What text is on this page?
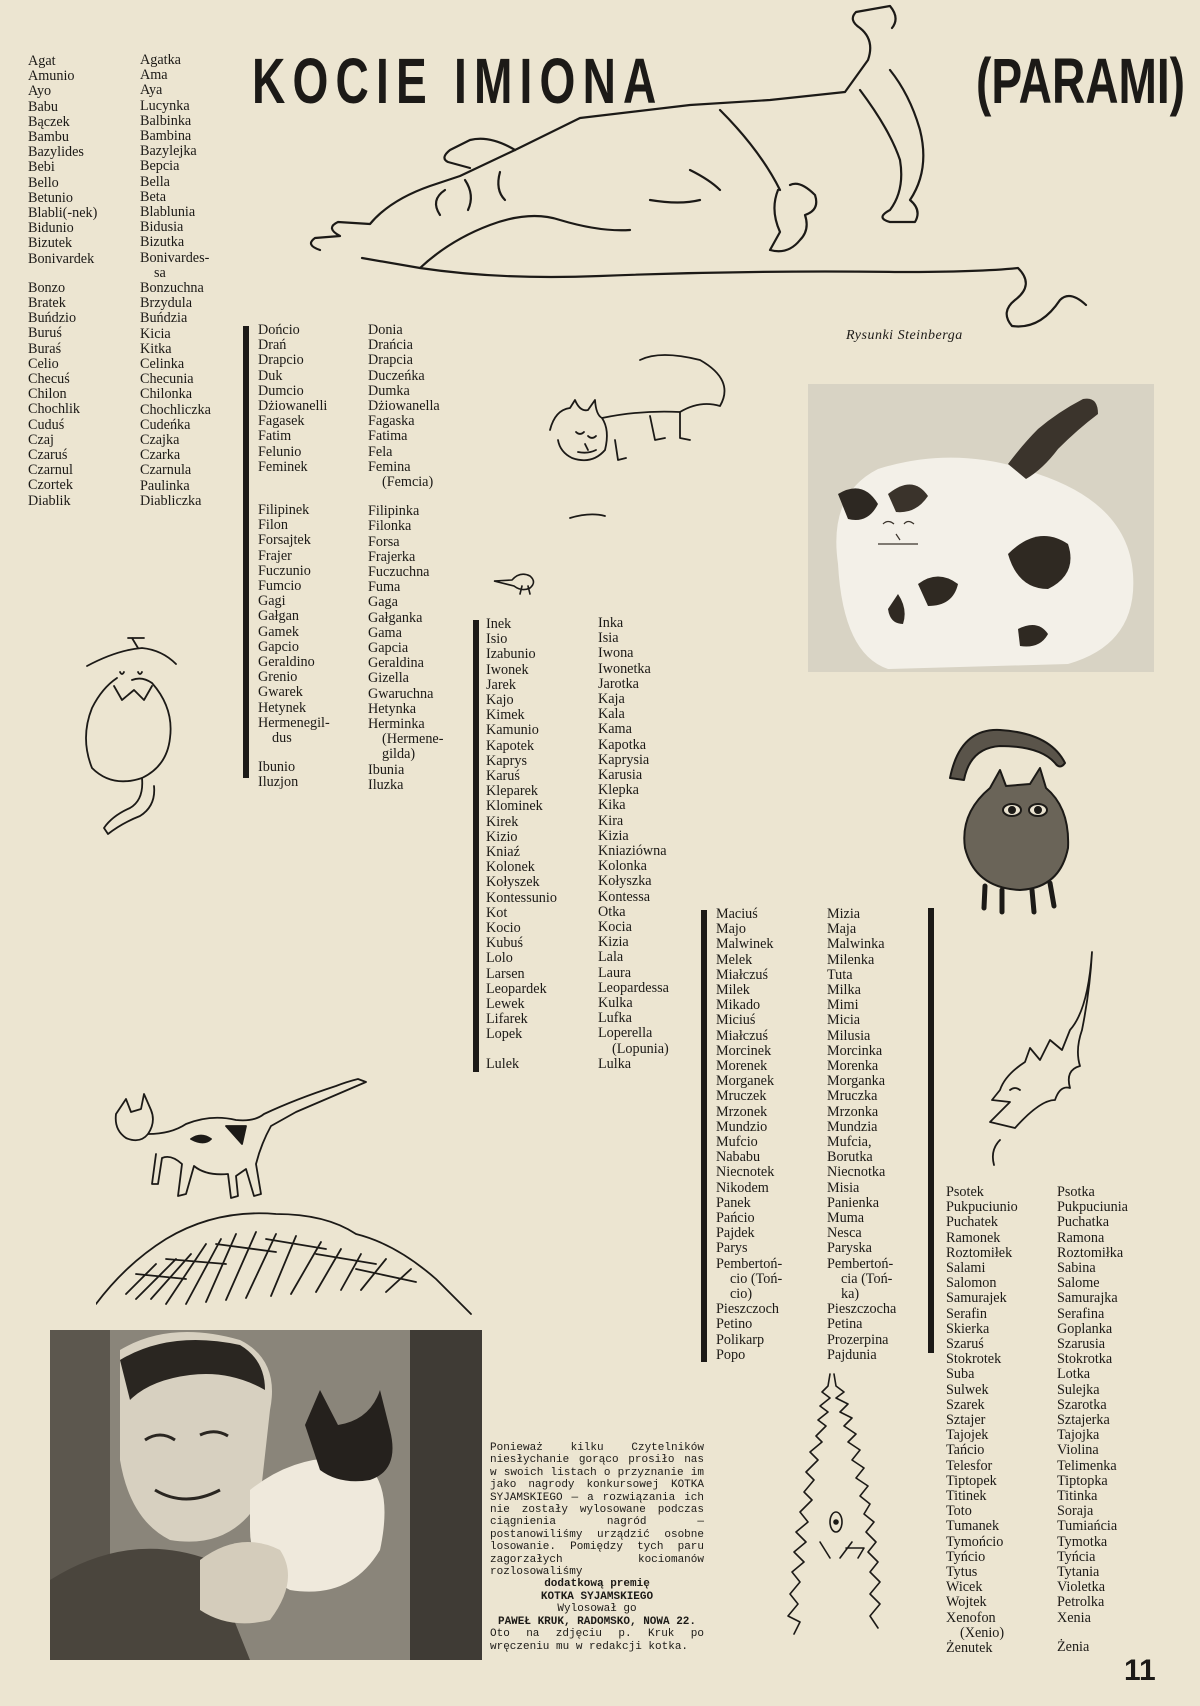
KOCIE IMIONA	(PARAMI)
Rysunki Steinberga
Agat
Amunio
Ayo
Babu
Bączek
Bambu
Bazylides
Bebi
Bello
Betunio
Blabli(-nek)
Bidunio
Bizutek
Bonivardek
Bonzo
Bratek
Buńdzio
Buruś
Buraś
Celio
Checuś
Chilon
Chochlik
Cuduś
Czaj
Czaruś
Czarnul
Czortek
Diablik
Agatka
Ama
Aya
Lucynka
Balbinka
Bambina
Bazylejka
Bepcia
Bella
Beta
Blablunia
Bidusia
Bizutka
Bonivardes-
sa
Bonzuchna
Brzydula
Buńdzia
Kicia
Kitka
Celinka
Checunia
Chilonka
Chochliczka
Cudeńka
Czajka
Czarka
Czarnula
Paulinka
Diabliczka
Dońcio
Drań
Drapcio
Duk
Dumcio
Dżiowanelli
Fagasek
Fatim
Felunio
Feminek
Filipinek
Filon
Forsajtek
Frajer
Fuczunio
Fumcio
Gagi
Gałgan
Gamek
Gapcio
Geraldino
Grenio
Gwarek
Hetynek
Hermenegil-
dus
Ibunio
Iluzjon
Donia
Drańcia
Drapcia
Duczeńka
Dumka
Dżiowanella
Fagaska
Fatima
Fela
Femina
(Femcia)
Filipinka
Filonka
Forsa
Frajerka
Fuczuchna
Fuma
Gaga
Gałganka
Gama
Gapcia
Geraldina
Gizella
Gwaruchna
Hetynka
Herminka
(Hermene-
gilda)
Ibunia
Iluzka
Inek
Isio
Izabunio
Iwonek
Jarek
Kajo
Kimek
Kamunio
Kapotek
Kaprys
Karuś
Kleparek
Klominek
Kirek
Kizio
Kniaź
Kolonek
Kołyszek
Kontessunio
Kot
Kocio
Kubuś
Lolo
Larsen
Leopardek
Lewek
Lifarek
Lopek
Lulek
Inka
Isia
Iwona
Iwonetka
Jarotka
Kaja
Kala
Kama
Kapotka
Kaprysia
Karusia
Klepka
Kika
Kira
Kizia
Kniaziówna
Kolonka
Kołyszka
Kontessa
Otka
Kocia
Kizia
Lala
Laura
Leopardessa
Kulka
Lufka
Loperella
(Lopunia)
Lulka
Maciuś
Majo
Malwinek
Melek
Miałczuś
Milek
Mikado
Miciuś
Miałczuś
Morcinek
Morenek
Morganek
Mruczek
Mrzonek
Mundzio
Mufcio
Nababu
Niecnotek
Nikodem
Panek
Pańcio
Pajdek
Parys
Pembertoń-
cio (Toń-
cio)
Pieszczoch
Petino
Polikarp
Popo
Mizia
Maja
Malwinka
Milenka
Tuta
Milka
Mimi
Micia
Milusia
Morcinka
Morenka
Morganka
Mruczka
Mrzonka
Mundzia
Mufcia,
Borutka
Niecnotka
Misia
Panienka
Muma
Nesca
Paryska
Pembertoń-
cia (Toń-
ka)
Pieszczocha
Petina
Prozerpina
Pajdunia
Psotek
Pukpuciunio
Puchatek
Ramonek
Roztomiłek
Salami
Salomon
Samurajek
Serafin
Skierka
Szaruś
Stokrotek
Suba
Sulwek
Szarek
Sztajer
Tajojek
Tańcio
Telesfor
Tiptopek
Titinek
Toto
Tumanek
Tymońcio
Tyńcio
Tytus
Wicek
Wojtek
Xenofon
(Xenio)
Żenutek
Psotka
Pukpuciunia
Puchatka
Ramona
Roztomiłka
Sabina
Salome
Samurajka
Serafina
Goplanka
Szarusia
Stokrotka
Lotka
Sulejka
Szarotka
Sztajerka
Tajojka
Violina
Telimenka
Tiptopka
Titinka
Soraja
Tumiańcia
Tymotka
Tyńcia
Tytania
Violetka
Petrolka
Xenia
Żenia
Ponieważ kilku Czytelników niesłychanie gorąco prosiło nas w swoich listach o przyznanie im jako nagrody konkursowej KOTKA SYJAMSKIEGO — a rozwiązania ich nie zostały wylosowane podczas ciągnienia nagród — postanowiliśmy urządzić osobne losowanie. Pomiędzy tych paru zagorzałych kociomanów rozlosowaliśmy
dodatkową premię
KOTKA SYJAMSKIEGO
Wylosował go
PAWEŁ KRUK, RADOMSKO, NOWA 22.
Oto na zdjęciu p. Kruk po wręczeniu mu w redakcji kotka.
11
